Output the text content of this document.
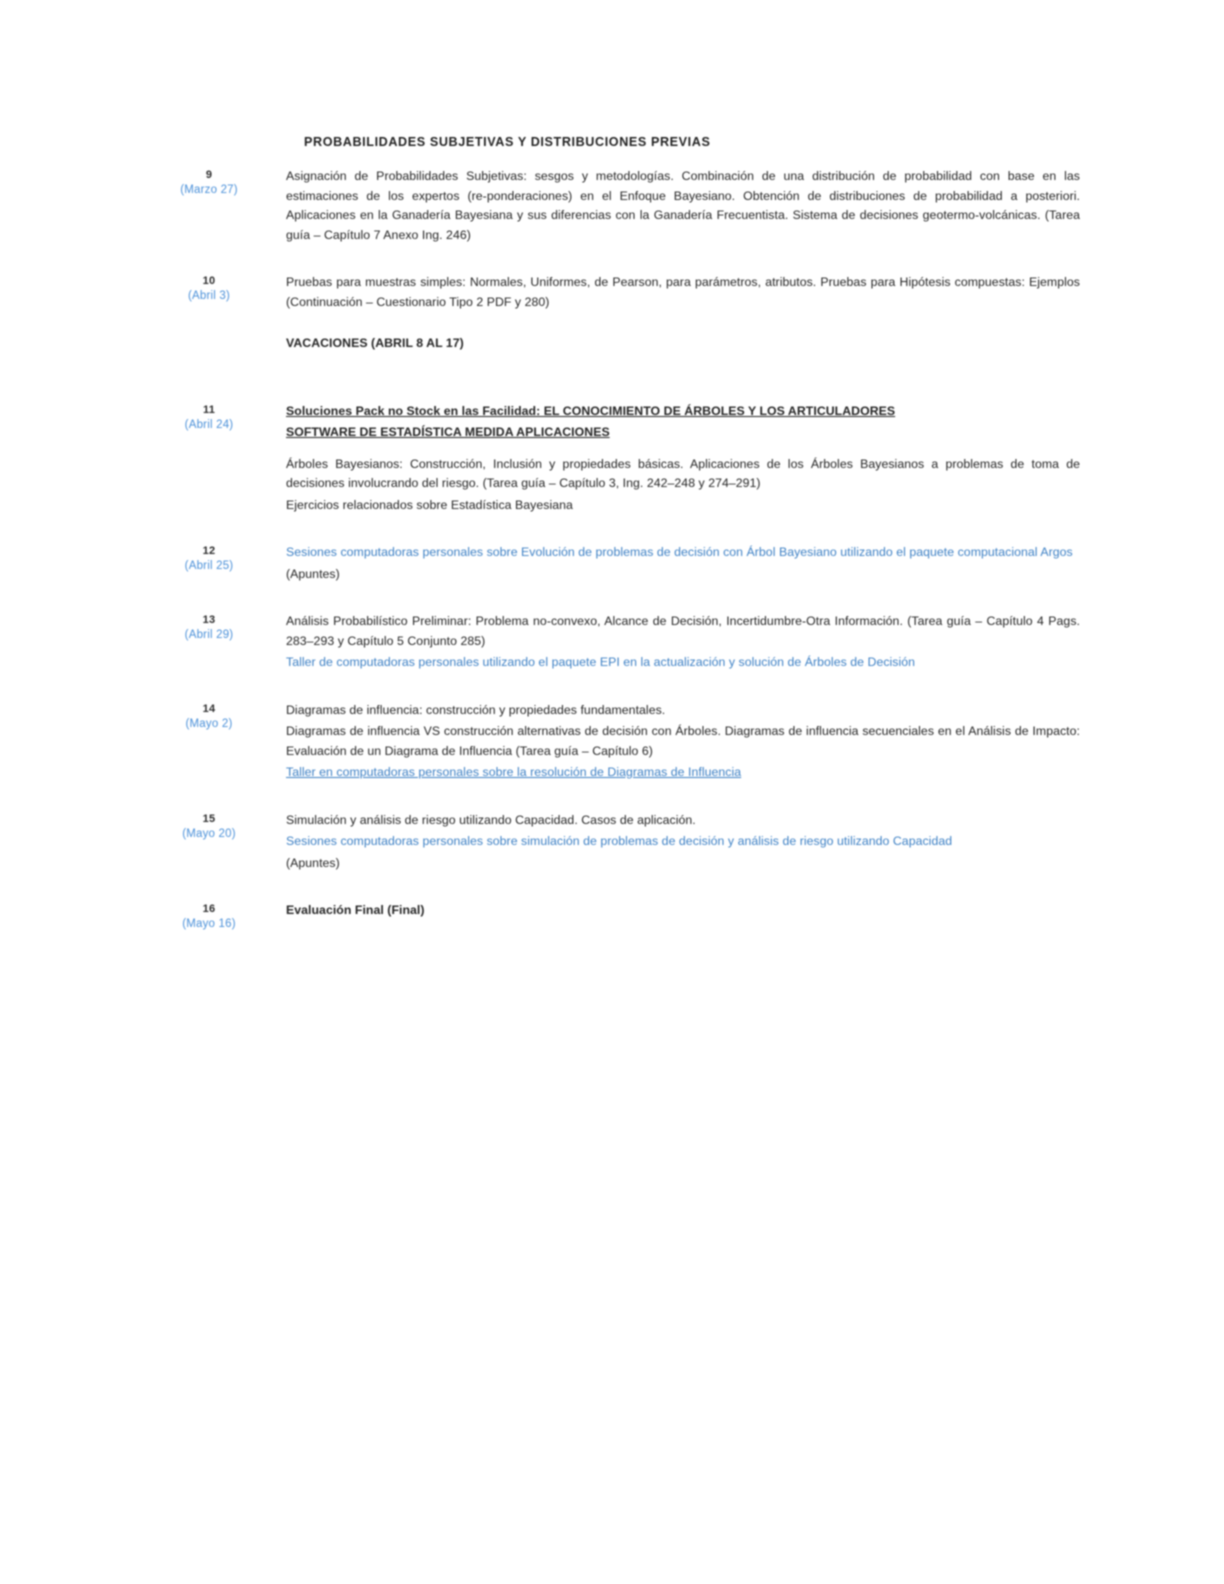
PROBABILIDADES SUBJETIVAS Y DISTRIBUCIONES PREVIAS
9
(Marzo 27)

Asignación de Probabilidades Subjetivas: sesgos y metodologías. Combinación de una distribución de probabilidad con base en las estimaciones de los expertos (re-ponderaciones) en el Enfoque Bayesiano. Obtención de distribuciones de probabilidad a posteriori. Aplicaciones en la Ganadería Bayesiana y sus diferencias con la Ganadería Frecuentista. Sistema de decisiones geotermo-volcánicas. (Tarea guía – Capítulo 7 Anexo Ing. 246)

10
(Abril 3)

Pruebas para muestras simples: Normales, Uniformes, de Pearson, para parámetros, atributos. Pruebas para Hipótesis compuestas: Ejemplos (Continuación – Cuestionario Tipo 2 PDF y 280)

VACACIONES (ABRIL 8 AL 17)

11
(Abril 24)

Soluciones Pack no Stock en las Facilidad: EL CONOCIMIENTO DE ÁRBOLES Y LOS ARTICULADORES

SOFTWARE DE ESTADÍSTICA MEDIDA APLICACIONES

Árboles Bayesianos: Construcción, Inclusión y propiedades básicas. Aplicaciones de los Árboles Bayesianos a problemas de toma de decisiones involucrando del riesgo. (Tarea guía – Capítulo 3, Ing. 242–248 y 274–291)

Ejercicios relacionados sobre Estadística Bayesiana

12
(Abril 25)

Sesiones computadoras personales sobre Evolución de problemas de decisión con Árbol Bayesiano utilizando el paquete computacional Argos

(Apuntes)

13
(Abril 29)

Análisis Probabilístico Preliminar: Problema no-convexo, Alcance de Decisión, Incertidumbre-Otra Información. (Tarea guía – Capítulo 4 Pags. 283–293 y Capítulo 5 Conjunto 285)

Taller de computadoras personales utilizando el paquete EPI en la actualización y solución de Árboles de Decisión

14
(Mayo 2)

Diagramas de influencia: construcción y propiedades fundamentales.

Diagramas de influencia VS construcción alternativas de decisión con Árboles. Diagramas de influencia secuenciales en el Análisis de Impacto: Evaluación de un Diagrama de Influencia (Tarea guía – Capítulo 6)

Taller en computadoras personales sobre la resolución de Diagramas de Influencia

15
(Mayo 20)

Simulación y análisis de riesgo utilizando Capacidad. Casos de aplicación.

Sesiones computadoras personales sobre simulación de problemas de decisión y análisis de riesgo utilizando Capacidad

(Apuntes)

16
(Mayo 16)

Evaluación Final (Final)
